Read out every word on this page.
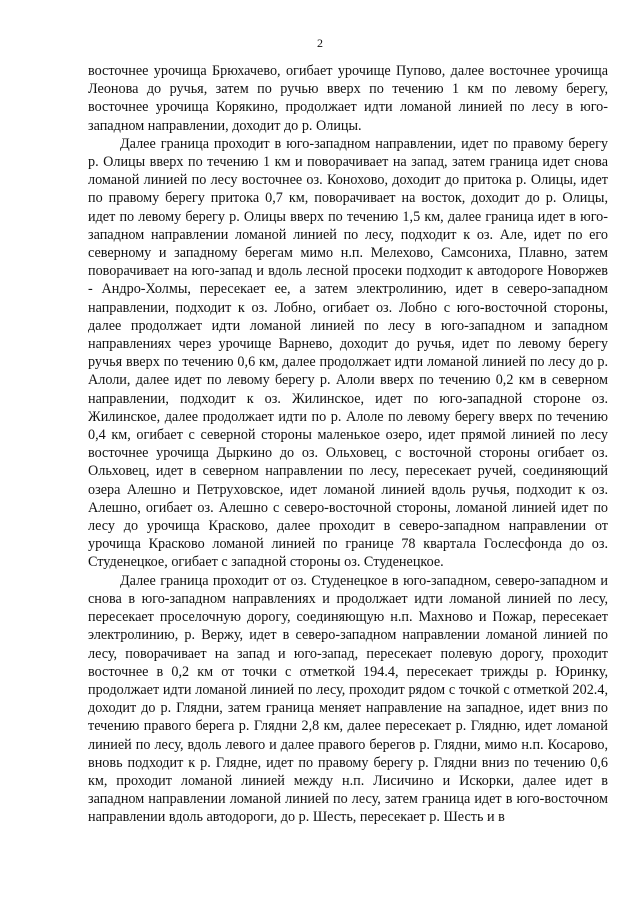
2

восточнее урочища Брюхачево, огибает урочище Пупово, далее восточнее урочища Леонова до ручья, затем по ручью вверх по течению 1 км по левому берегу, восточнее урочища Корякино, продолжает идти ломаной линией по лесу в юго-западном направлении, доходит до р. Олицы.

Далее граница проходит в юго-западном направлении, идет по правому берегу р. Олицы вверх по течению 1 км и поворачивает на запад, затем граница идет снова ломаной линией по лесу восточнее оз. Конохово, доходит до притока р. Олицы, идет по правому берегу притока 0,7 км, поворачивает на восток, доходит до р. Олицы, идет по левому берегу р. Олицы вверх по течению 1,5 км, далее граница идет в юго-западном направлении ломаной линией по лесу, подходит к оз. Але, идет по его северному и западному берегам мимо н.п. Мелехово, Самсониха, Плавно, затем поворачивает на юго-запад и вдоль лесной просеки подходит к автодороге Новоржев - Андро-Холмы, пересекает ее, а затем электролинию, идет в северо-западном направлении, подходит к оз. Лобно, огибает оз. Лобно с юго-восточной стороны, далее продолжает идти ломаной линией по лесу в юго-западном и западном направлениях через урочище Варнево, доходит до ручья, идет по левому берегу ручья вверх по течению 0,6 км, далее продолжает идти ломаной линией по лесу до р. Алоли, далее идет по левому берегу р. Алоли вверх по течению 0,2 км в северном направлении, подходит к оз. Жилинское, идет по юго-западной стороне оз. Жилинское, далее продолжает идти по р. Алоле по левому берегу вверх по течению 0,4 км, огибает с северной стороны маленькое озеро, идет прямой линией по лесу восточнее урочища Дыркино до оз. Ольховец, с восточной стороны огибает оз. Ольховец, идет в северном направлении по лесу, пересекает ручей, соединяющий озера Алешно и Петруховское, идет ломаной линией вдоль ручья, подходит к оз. Алешно, огибает оз. Алешно с северо-восточной стороны, ломаной линией идет по лесу до урочища Красково, далее проходит в северо-западном направлении от урочища Красково ломаной линией по границе 78 квартала Гослесфонда до оз. Студенецкое, огибает с западной стороны оз. Студенецкое.

Далее граница проходит от оз. Студенецкое в юго-западном, северо-западном и снова в юго-западном направлениях и продолжает идти ломаной линией по лесу, пересекает проселочную дорогу, соединяющую н.п. Махново и Пожар, пересекает электролинию, р. Вержу, идет в северо-западном направлении ломаной линией по лесу, поворачивает на запад и юго-запад, пересекает полевую дорогу, проходит восточнее в 0,2 км от точки с отметкой 194.4, пересекает трижды р. Юринку, продолжает идти ломаной линией по лесу, проходит рядом с точкой с отметкой 202.4, доходит до р. Глядни, затем граница меняет направление на западное, идет вниз по течению правого берега р. Глядни 2,8 км, далее пересекает р. Глядню, идет ломаной линией по лесу, вдоль левого и далее правого берегов р. Глядни, мимо н.п. Косарово, вновь подходит к р. Глядне, идет по правому берегу р. Глядни вниз по течению 0,6 км, проходит ломаной линией между н.п. Лисичино и Искорки, далее идет в западном направлении ломаной линией по лесу, затем граница идет в юго-восточном направлении вдоль автодороги, до р. Шесть, пересекает р. Шесть и в
